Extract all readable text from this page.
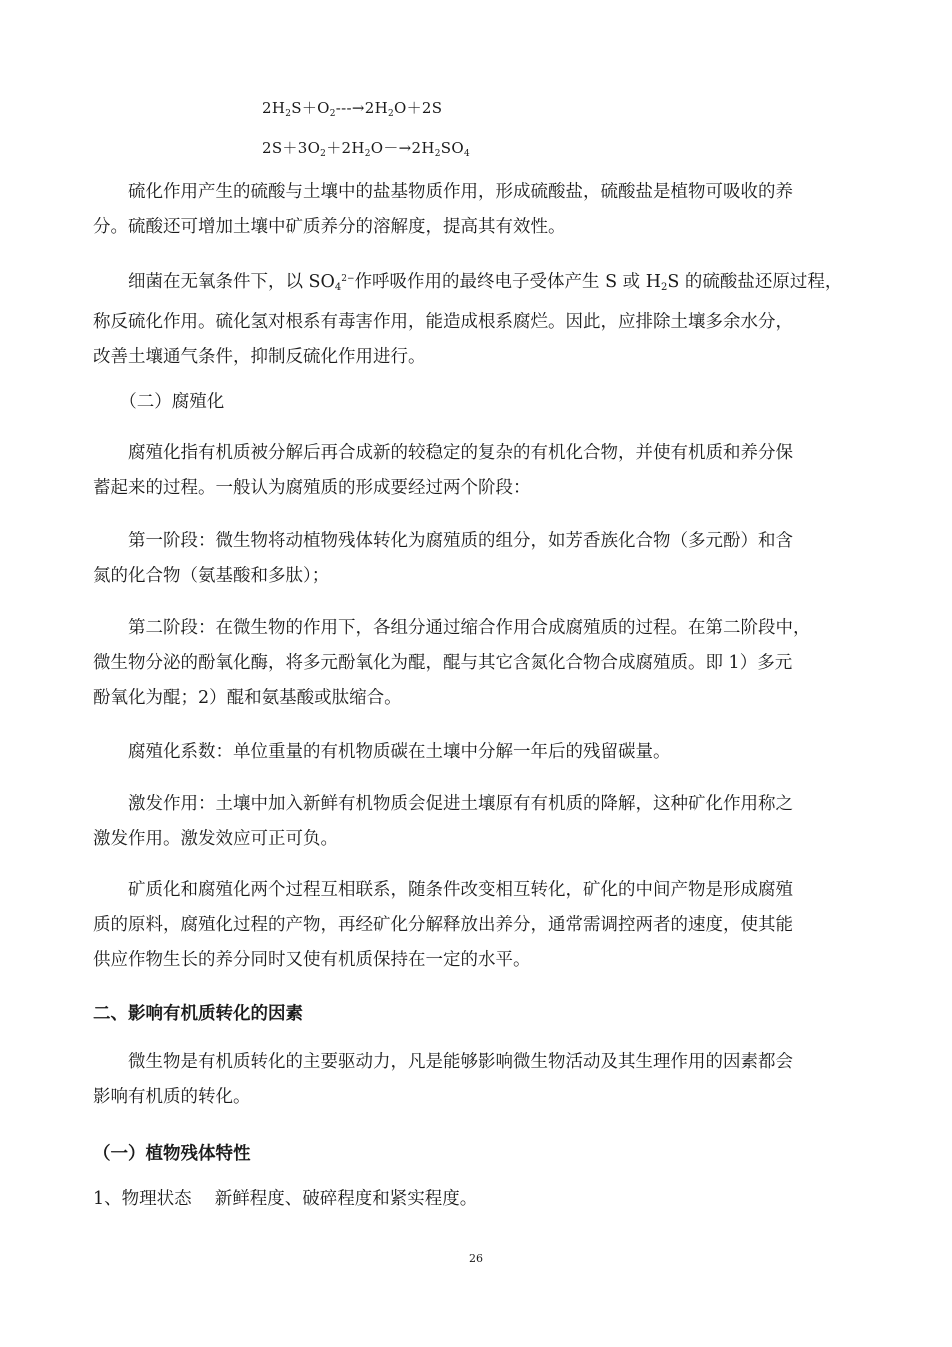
$2H_2S+O_2---\to 2H_2O+2S$
$2S+3O_2+2H_2O-\to 2H_2SO_4$
　　硫化作用产生的硫酸与土壤中的盐基物质作用，形成硫酸盐，硫酸盐是植物可吸收的养
分。硫酸还可增加土壤中矿质养分的溶解度，提高其有效性。
　　细菌在无氧条件下，以 $SO_4^{2-}$作呼吸作用的最终电子受体产生 S 或 $H_2S$ 的硫酸盐还原过程，
称反硫化作用。硫化氢对根系有毒害作用，能造成根系腐烂。因此，应排除土壤多余水分，
改善土壤通气条件，抑制反硫化作用进行。
　　（二）腐殖化
　　腐殖化指有机质被分解后再合成新的较稳定的复杂的有机化合物，并使有机质和养分保
蓄起来的过程。一般认为腐殖质的形成要经过两个阶段：
　　第一阶段：微生物将动植物残体转化为腐殖质的组分，如芳香族化合物（多元酚）和含
氮的化合物（氨基酸和多肽）；
　　第二阶段：在微生物的作用下，各组分通过缩合作用合成腐殖质的过程。在第二阶段中，
微生物分泌的酚氧化酶，将多元酚氧化为醌，醌与其它含氮化合物合成腐殖质。即 1）多元
酚氧化为醌；2）醌和氨基酸或肽缩合。
　　腐殖化系数：单位重量的有机物质碳在土壤中分解一年后的残留碳量。
　　激发作用：土壤中加入新鲜有机物质会促进土壤原有有机质的降解，这种矿化作用称之
激发作用。激发效应可正可负。
　　矿质化和腐殖化两个过程互相联系，随条件改变相互转化，矿化的中间产物是形成腐殖
质的原料，腐殖化过程的产物，再经矿化分解释放出养分，通常需调控两者的速度，使其能
供应作物生长的养分同时又使有机质保持在一定的水平。
二、影响有机质转化的因素
　　微生物是有机质转化的主要驱动力，凡是能够影响微生物活动及其生理作用的因素都会
影响有机质的转化。
（一）植物残体特性
1、物理状态　 新鲜程度、破碎程度和紧实程度。
26
